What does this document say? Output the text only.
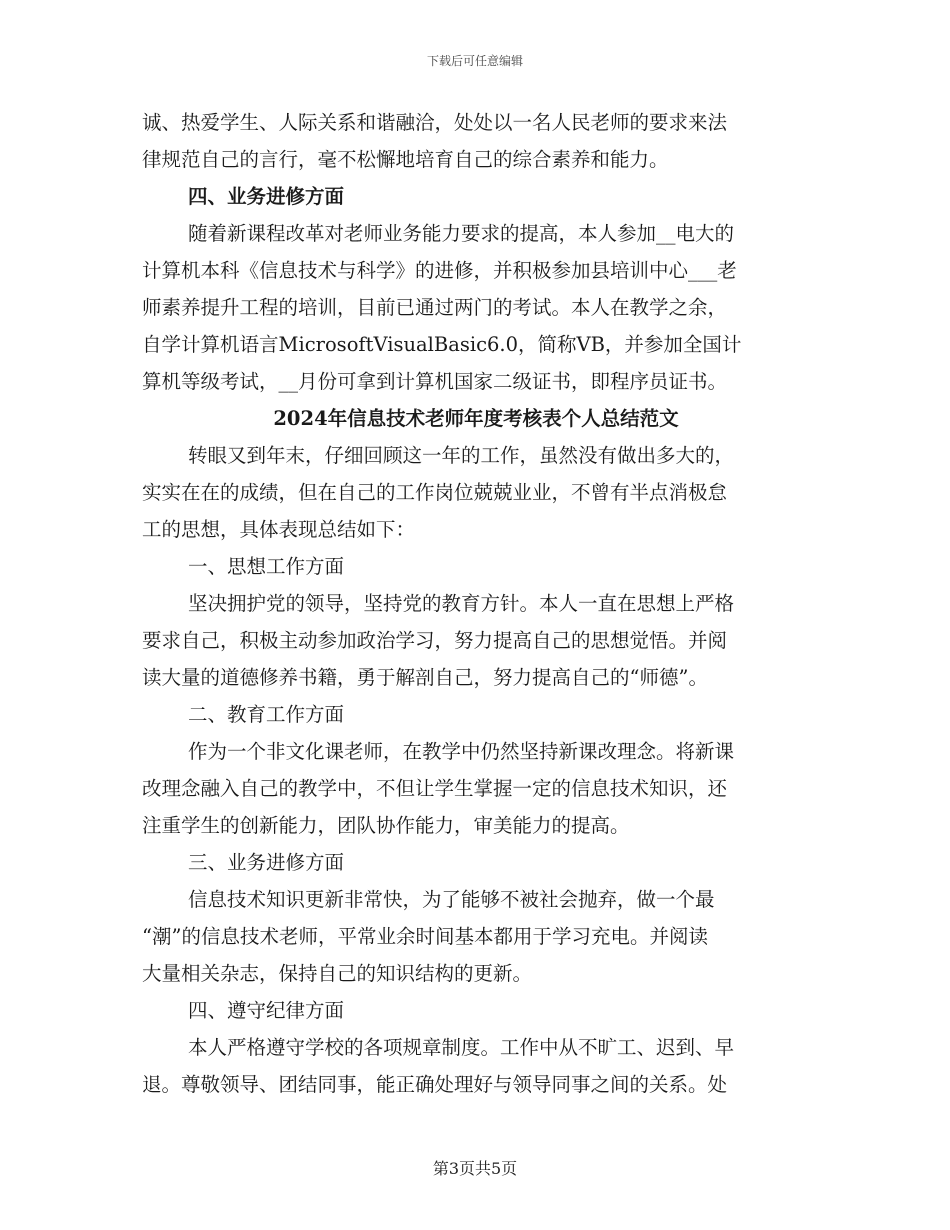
下载后可任意编辑
诚、热爱学生、人际关系和谐融洽，处处以一名人民老师的要求来法
律规范自己的言行，毫不松懈地培育自己的综合素养和能力。
四、业务进修方面
随着新课程改革对老师业务能力要求的提高，本人参加__电大的
计算机本科《信息技术与科学》的进修，并积极参加县培训中心___老
师素养提升工程的培训，目前已通过两门的考试。本人在教学之余，
自学计算机语言MicrosoftVisualBasic6.0，简称VB，并参加全国计
算机等级考试，__月份可拿到计算机国家二级证书，即程序员证书。
2024年信息技术老师年度考核表个人总结范文
转眼又到年末，仔细回顾这一年的工作，虽然没有做出多大的，
实实在在的成绩，但在自己的工作岗位兢兢业业，不曾有半点消极怠
工的思想，具体表现总结如下：
一、思想工作方面
坚决拥护党的领导，坚持党的教育方针。本人一直在思想上严格
要求自己，积极主动参加政治学习，努力提高自己的思想觉悟。并阅
读大量的道德修养书籍，勇于解剖自己，努力提高自己的“师德”。
二、教育工作方面
作为一个非文化课老师，在教学中仍然坚持新课改理念。将新课
改理念融入自己的教学中，不但让学生掌握一定的信息技术知识，还
注重学生的创新能力，团队协作能力，审美能力的提高。
三、业务进修方面
信息技术知识更新非常快，为了能够不被社会抛弃，做一个最
“潮”的信息技术老师，平常业余时间基本都用于学习充电。并阅读
大量相关杂志，保持自己的知识结构的更新。
四、遵守纪律方面
本人严格遵守学校的各项规章制度。工作中从不旷工、迟到、早
退。尊敬领导、团结同事，能正确处理好与领导同事之间的关系。处
第3页共5页
